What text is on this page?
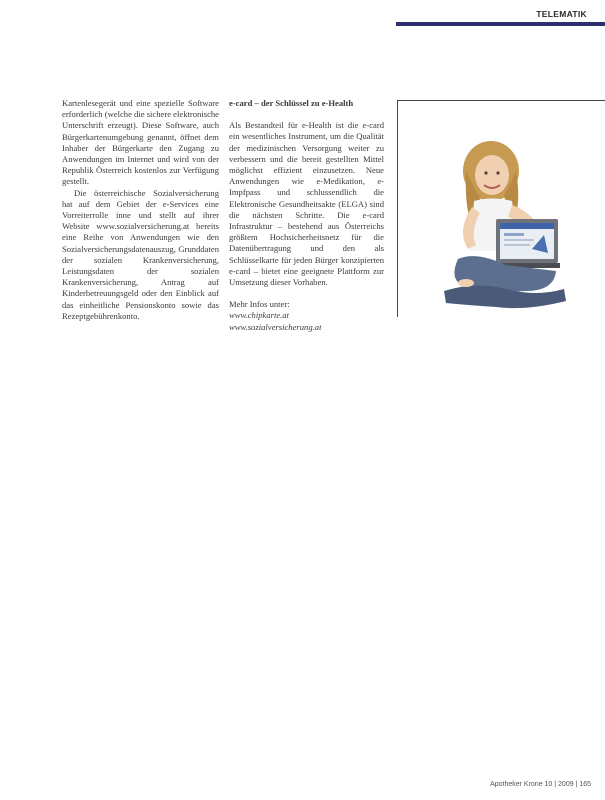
TELEMATIK

Kartenlesegerät und eine spezielle Software erforderlich (welche die sichere elektronische Unterschrift erzeugt). Diese Software, auch Bürgerkartenumgebung genannt, öffnet dem Inhaber der Bürgerkarte den Zugang zu Anwendungen im Internet und wird von der Republik Österreich kostenlos zur Verfügung gestellt.

Die österreichische Sozialversicherung hat auf dem Gebiet der e-Services eine Vorreiterrolle inne und stellt auf ihrer Website www.sozialversicherung.at bereits eine Reihe von Anwendungen wie den Sozialversicherungsdatenauszug, Grunddaten der sozialen Krankenversicherung, Leistungsdaten der sozialen Krankenversicherung, Antrag auf Kinderbetreuungsgeld oder den Einblick auf das einheitliche Pensionskonto sowie das Rezeptgebührenkonto.

e-card – der Schlüssel zu e-Health

Als Bestandteil für e-Health ist die e-card ein wesentliches Instrument, um die Qualität der medizinischen Versorgung weiter zu verbessern und die bereit gestellten Mittel möglichst effizient einzusetzen. Neue Anwendungen wie e-Medikation, e-Impfpass und schlussendlich die Elektronische Gesundheitsakte (ELGA) sind die nächsten Schritte. Die e-card Infrastruktur – bestehend aus Österreichs größtem Hochsicherheitsnetz für die Datenübertragung und den als Schlüsselkarte für jeden Bürger konzipierten e-card – bietet eine geeignete Plattform zur Umsetzung dieser Vorhaben.

Mehr Infos unter:

www.chipkarte.at
www.sozialversicherung.at
Apotheker Krone 10 | 2009 | 165
